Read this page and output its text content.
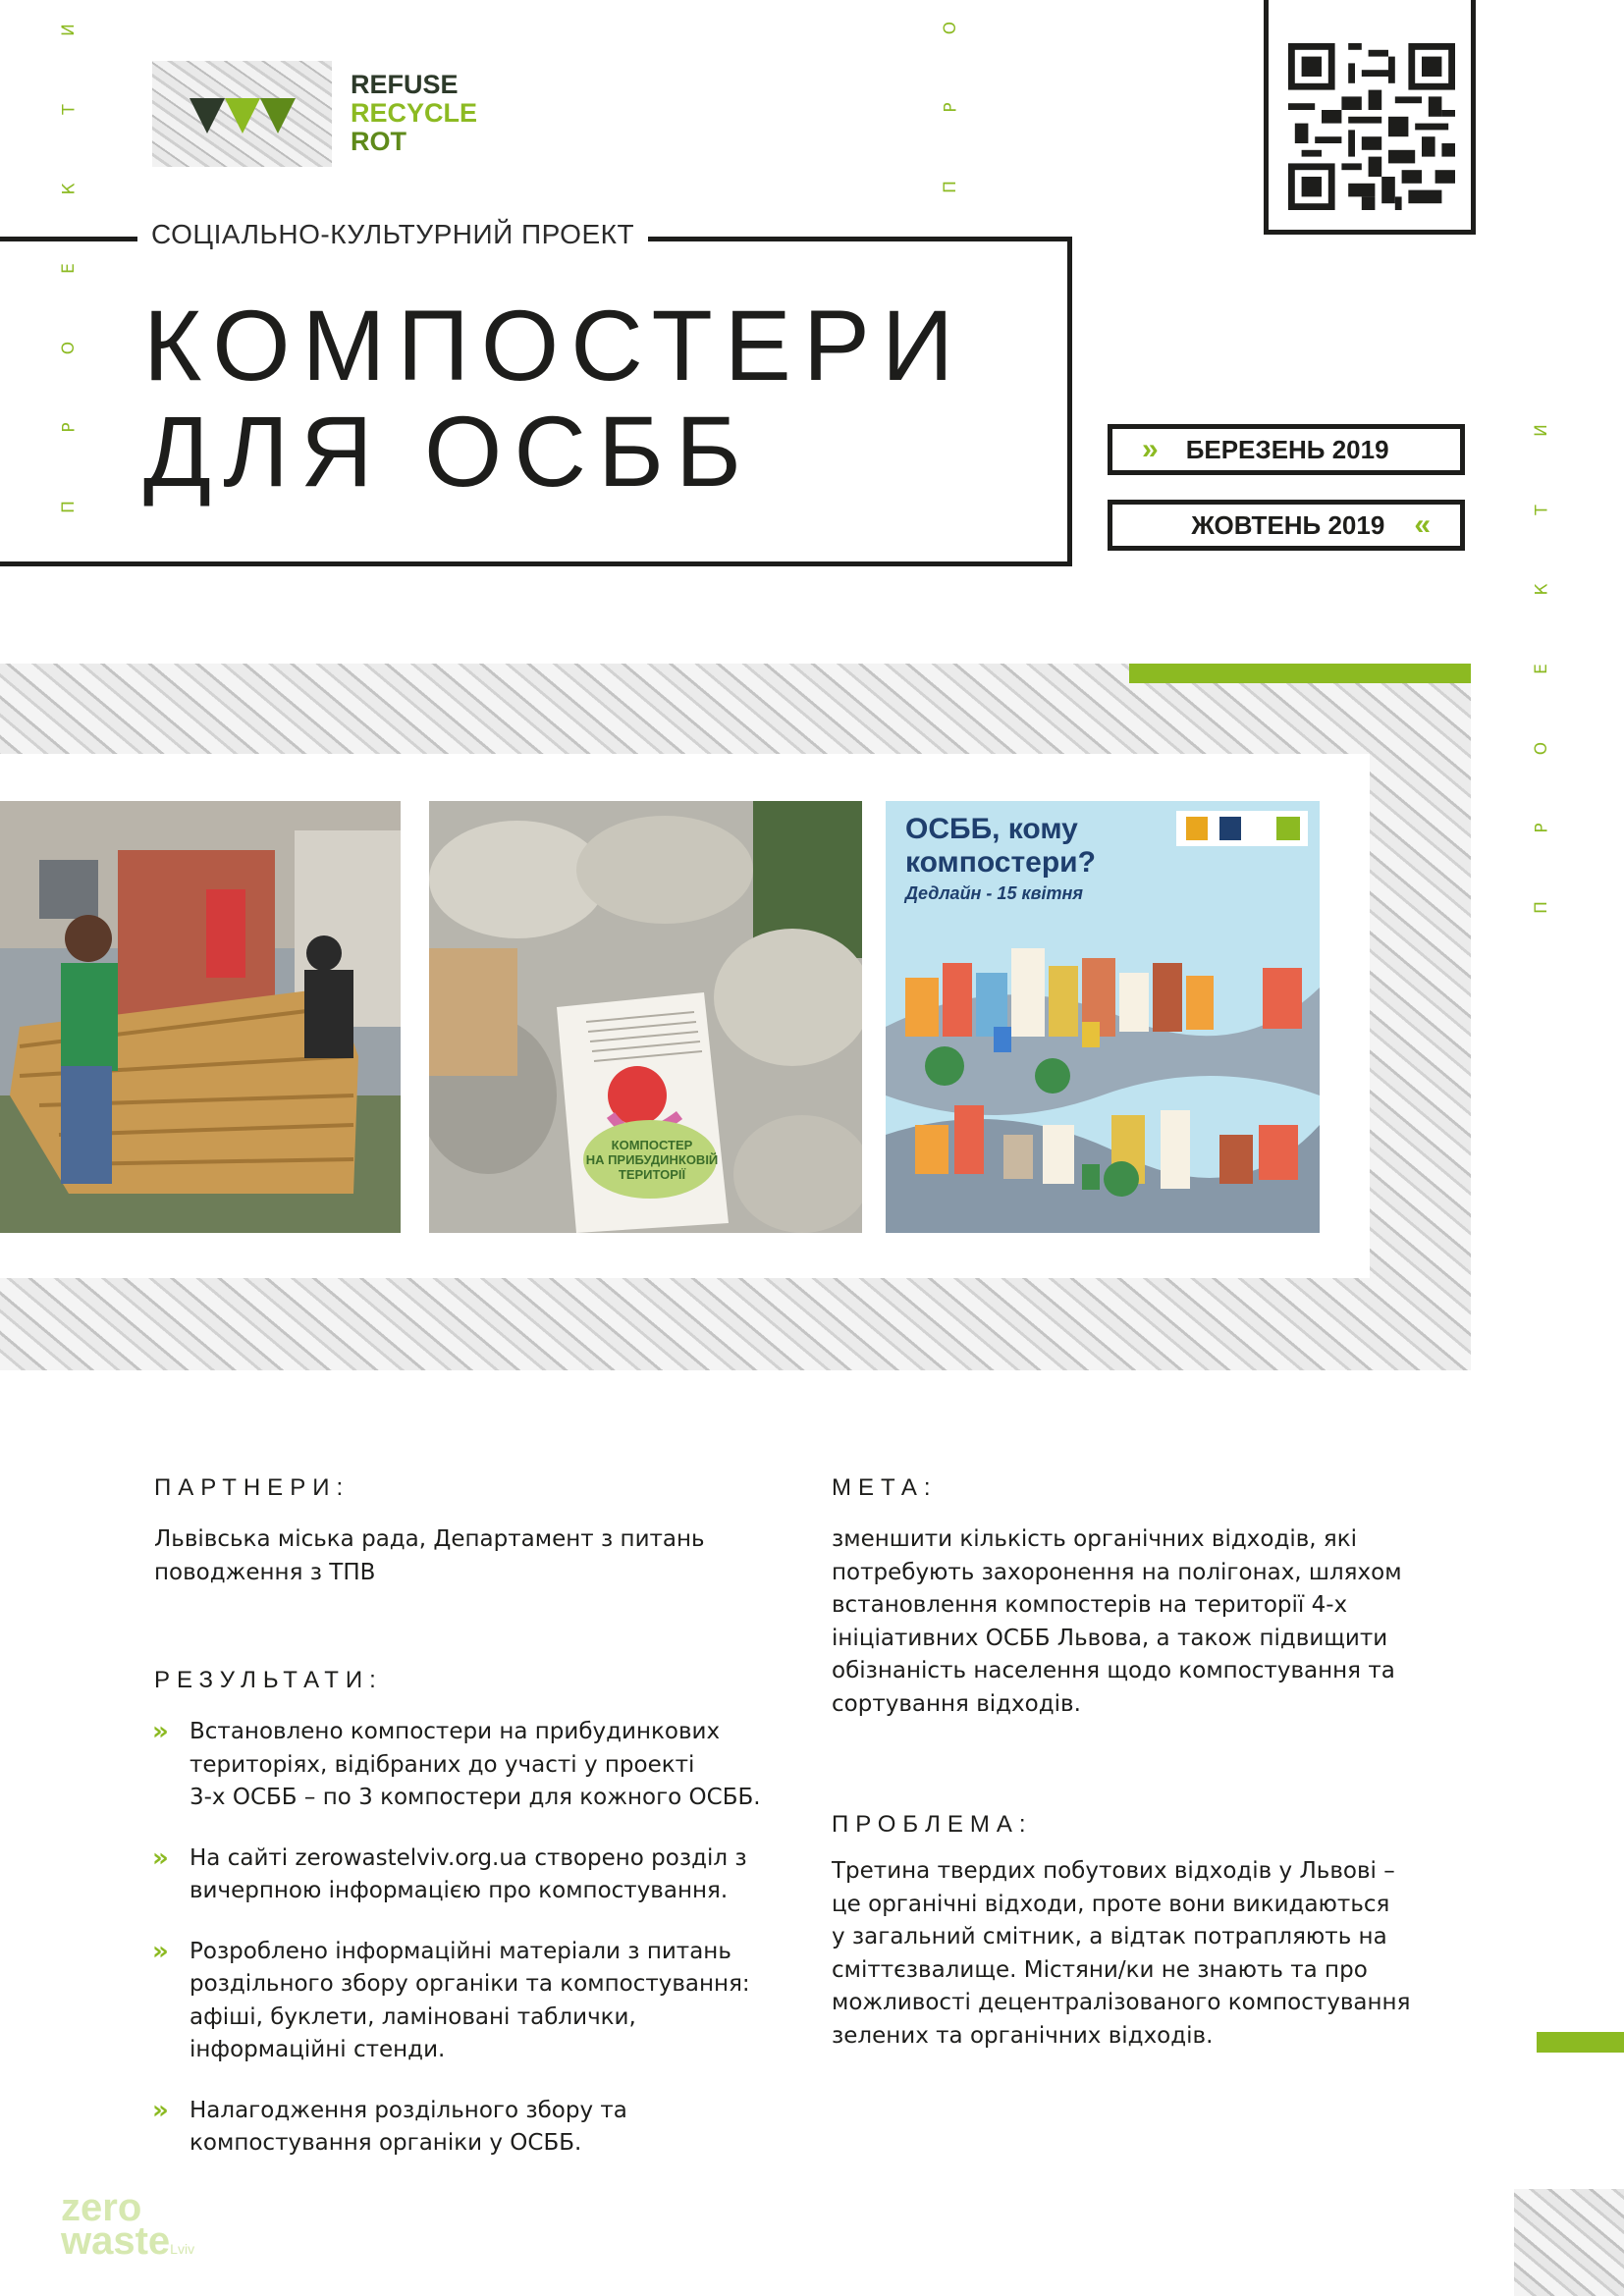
И
Т
К
Е
О
Р
П
О
Р
П
И
Т
К
Е
О
Р
П
REFUSE
RECYCLE
ROT
СОЦІАЛЬНО-КУЛЬТУРНИЙ ПРОЕКТ
КОМПОСТЕРИ
ДЛЯ ОСББ	» БЕРЕЗЕНЬ 2019
ЖОВТЕНЬ 2019 «
КОМПОСТЕР
НА ПРИБУДИНКОВІЙ
ТЕРИТОРІЇ
ОСББ, кому
компостери?
Дедлайн - 15 квітня
ПАРТНЕРИ:
Львівська міська рада, Департамент з питань
поводження з ТПВ
РЕЗУЛЬТАТИ:
» Встановлено компостери на прибудинкових
територіях, відібраних до участі у проекті
3-х ОСББ – по 3 компостери для кожного ОСББ.
» На сайті zerowastelviv.org.ua створено розділ з
вичерпною інформацією про компостування.
» Розроблено інформаційні матеріали з питань
роздільного збору органіки та компостування:
афіші, буклети, ламіновані таблички,
інформаційні стенди.
» Налагодження роздільного збору та
компостування органіки у ОСББ.
МЕТА:
зменшити кількість органічних відходів, які
потребують захоронення на полігонах, шляхом
встановлення компостерів на території 4-х
ініціативних ОСББ Львова, а також підвищити
обізнаність населення щодо компостування та
сортування відходів.
ПРОБЛЕМА:
Третина твердих побутових відходів у Львові –
це органічні відходи, проте вони викидаються
у загальний смітник, а відтак потрапляють на
сміттєзвалище. Містяни/ки не знають та про
можливості децентралізованого компостування
зелених та органічних відходів.
zero
wasteLviv
